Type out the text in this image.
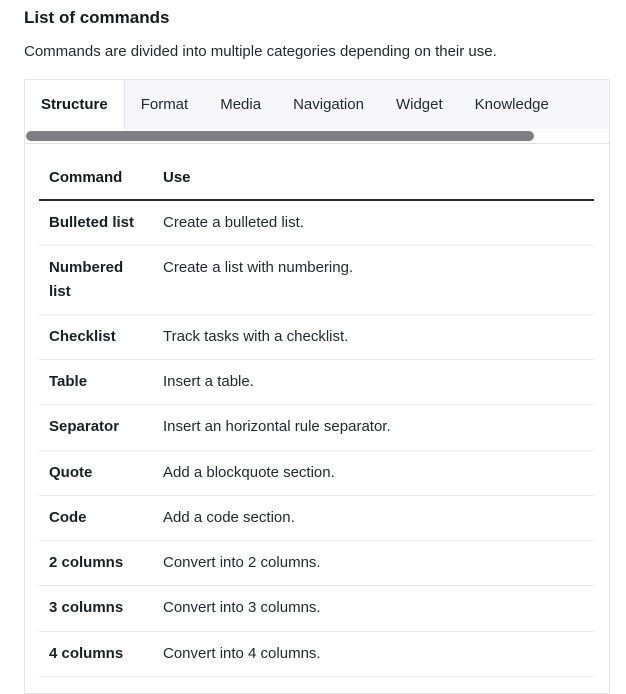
List of commands

Commands are divided into multiple categories depending on their use.

Structure	Format	Media	Navigation	Widget	Knowledge
Command	Use
Bulleted list	Create a bulleted list.
Numbered list	Create a list with numbering.
Checklist	Track tasks with a checklist.
Table	Insert a table.
Separator	Insert an horizontal rule separator.
Quote	Add a blockquote section.
Code	Add a code section.
2 columns	Convert into 2 columns.
3 columns	Convert into 3 columns.
4 columns	Convert into 4 columns.
